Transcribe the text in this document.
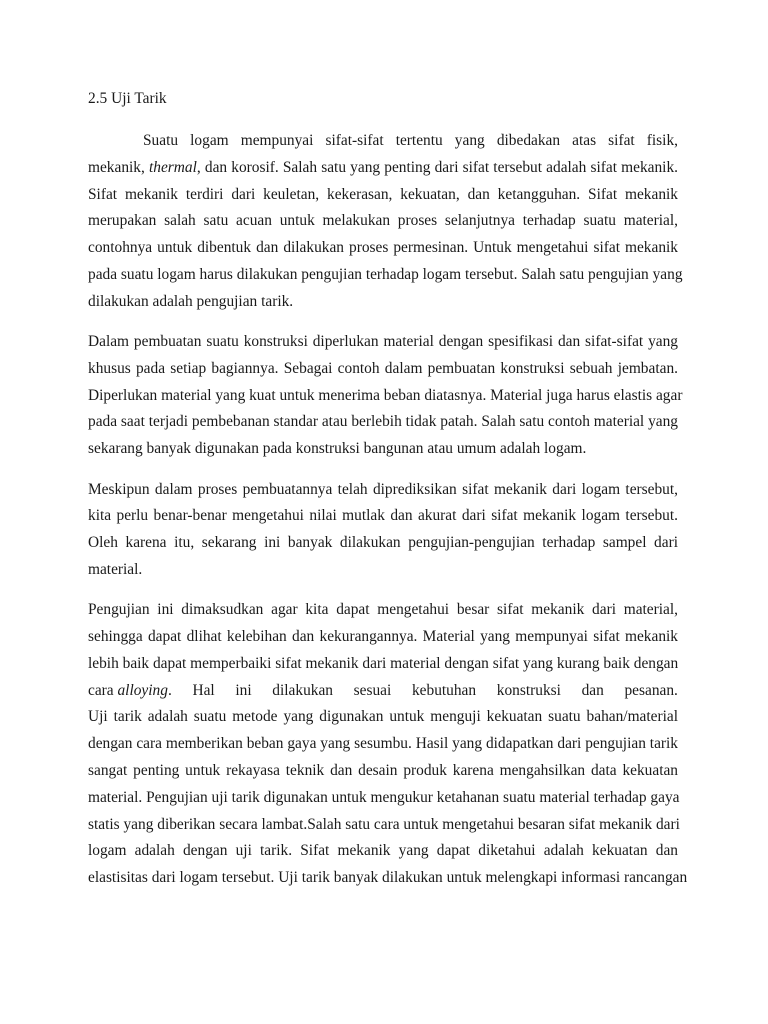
2.5 Uji Tarik
Suatu logam mempunyai sifat-sifat tertentu yang dibedakan atas sifat fisik,
mekanik, thermal, dan korosif. Salah satu yang penting dari sifat tersebut adalah sifat mekanik.
Sifat mekanik terdiri dari keuletan, kekerasan, kekuatan, dan ketangguhan. Sifat mekanik
merupakan salah satu acuan untuk melakukan proses selanjutnya terhadap suatu material,
contohnya untuk dibentuk dan dilakukan proses permesinan. Untuk mengetahui sifat mekanik
pada suatu logam harus dilakukan pengujian terhadap logam tersebut. Salah satu pengujian yang
dilakukan adalah pengujian tarik.
Dalam pembuatan suatu konstruksi diperlukan material dengan spesifikasi dan sifat-sifat yang
khusus pada setiap bagiannya. Sebagai contoh dalam pembuatan konstruksi sebuah jembatan.
Diperlukan material yang kuat untuk menerima beban diatasnya. Material juga harus elastis agar
pada saat terjadi pembebanan standar atau berlebih tidak patah. Salah satu contoh material yang
sekarang banyak digunakan pada konstruksi bangunan atau umum adalah logam.
Meskipun dalam proses pembuatannya telah diprediksikan sifat mekanik dari logam tersebut,
kita perlu benar-benar mengetahui nilai mutlak dan akurat dari sifat mekanik logam tersebut.
Oleh karena itu, sekarang ini banyak dilakukan pengujian-pengujian terhadap sampel dari
material.
Pengujian ini dimaksudkan agar kita dapat mengetahui besar sifat mekanik dari material,
sehingga dapat dlihat kelebihan dan kekurangannya. Material yang mempunyai sifat mekanik
lebih baik dapat memperbaiki sifat mekanik dari material dengan sifat yang kurang baik dengan
cara alloying. Hal ini dilakukan sesuai kebutuhan konstruksi dan pesanan.
Uji tarik adalah suatu metode yang digunakan untuk menguji kekuatan suatu bahan/material
dengan cara memberikan beban gaya yang sesumbu. Hasil yang didapatkan dari pengujian tarik
sangat penting untuk rekayasa teknik dan desain produk karena mengahsilkan data kekuatan
material. Pengujian uji tarik digunakan untuk mengukur ketahanan suatu material terhadap gaya
statis yang diberikan secara lambat.Salah satu cara untuk mengetahui besaran sifat mekanik dari
logam adalah dengan uji tarik. Sifat mekanik yang dapat diketahui adalah kekuatan dan
elastisitas dari logam tersebut. Uji tarik banyak dilakukan untuk melengkapi informasi rancangan
